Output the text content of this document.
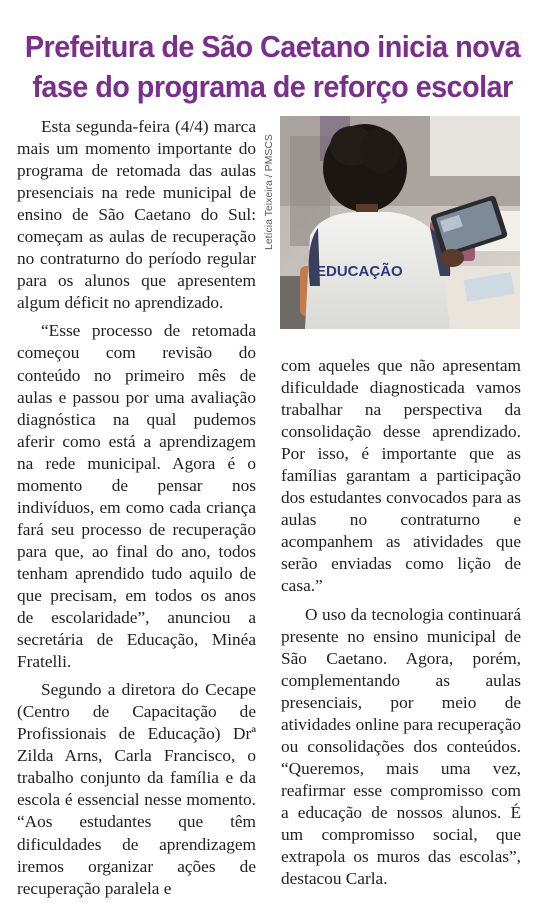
Prefeitura de São Caetano inicia nova
fase do programa de reforço escolar

Esta segunda-feira (4/4) marca mais um momento importante do programa de retomada das aulas presenciais na rede municipal de ensino de São Caetano do Sul: começam as aulas de recuperação no contraturno do período regular para os alunos que apresentem algum déficit no aprendizado.

“Esse processo de retomada começou com revisão do conteúdo no primeiro mês de aulas e passou por uma avaliação diagnóstica na qual pudemos aferir como está a aprendizagem na rede municipal. Agora é o momento de pensar nos indivíduos, em como cada criança fará seu processo de recuperação para que, ao final do ano, todos tenham aprendido tudo aquilo de que precisam, em todos os anos de escolaridade”, anunciou a secretária de Educação, Minéa Fratelli.

Segundo a diretora do Cecape (Centro de Capacitação de Profissionais de Educação) Drª Zilda Arns, Carla Francisco, o trabalho conjunto da família e da escola é essencial nesse momento. “Aos estudantes que têm dificuldades de aprendizagem iremos organizar ações de recuperação paralela e

Letícia Teixeira / PMSCS
EDUCAÇÃO

com aqueles que não apresentam dificuldade diagnosticada vamos trabalhar na perspectiva da consolidação desse aprendizado. Por isso, é importante que as famílias garantam a participação dos estudantes convocados para as aulas no contraturno e acompanhem as atividades que serão enviadas como lição de casa.”

O uso da tecnologia continuará presente no ensino municipal de São Caetano. Agora, porém, complementando as aulas presenciais, por meio de atividades online para recuperação ou consolidações dos conteúdos. “Queremos, mais uma vez, reafirmar esse compromisso com a educação de nossos alunos. É um compromisso social, que extrapola os muros das escolas”, destacou Carla.
